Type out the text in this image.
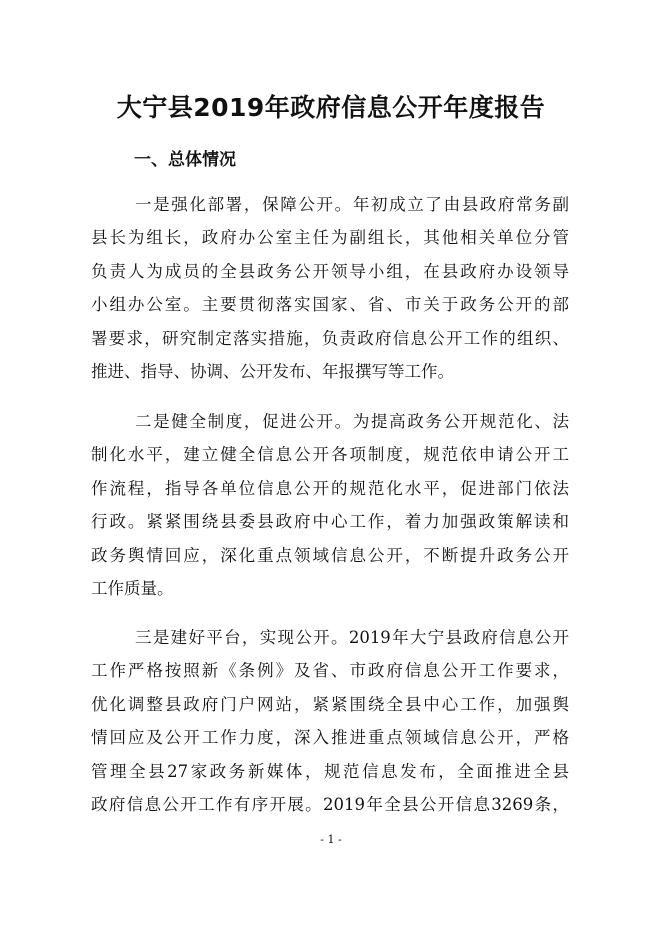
大宁县2019年政府信息公开年度报告
一、总体情况
一是强化部署，保障公开。年初成立了由县政府常务副
县长为组长，政府办公室主任为副组长，其他相关单位分管
负责人为成员的全县政务公开领导小组，在县政府办设领导
小组办公室。主要贯彻落实国家、省、市关于政务公开的部
署要求，研究制定落实措施，负责政府信息公开工作的组织、
推进、指导、协调、公开发布、年报撰写等工作。
二是健全制度，促进公开。为提高政务公开规范化、法
制化水平，建立健全信息公开各项制度，规范依申请公开工
作流程，指导各单位信息公开的规范化水平，促进部门依法
行政。紧紧围绕县委县政府中心工作，着力加强政策解读和
政务舆情回应，深化重点领域信息公开，不断提升政务公开
工作质量。
三是建好平台，实现公开。2019年大宁县政府信息公开
工作严格按照新《条例》及省、市政府信息公开工作要求，
优化调整县政府门户网站，紧紧围绕全县中心工作，加强舆
情回应及公开工作力度，深入推进重点领域信息公开，严格
管理全县27家政务新媒体，规范信息发布，全面推进全县
政府信息公开工作有序开展。2019年全县公开信息3269条，
- 1 -
